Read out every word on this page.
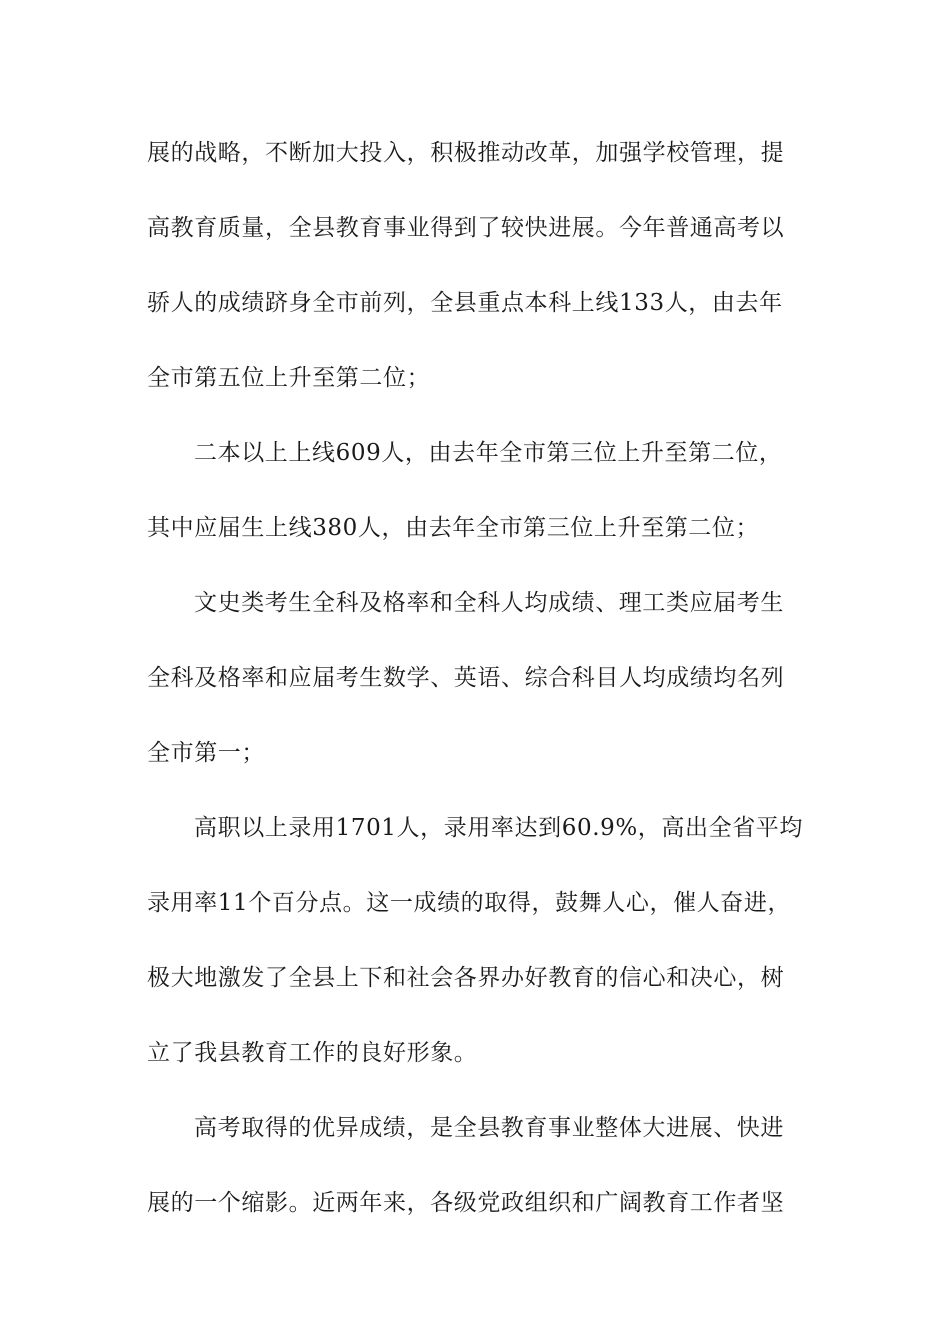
展的战略，不断加大投入，积极推动改革，加强学校管理，提
高教育质量，全县教育事业得到了较快进展。今年普通高考以
骄人的成绩跻身全市前列，全县重点本科上线133人，由去年
全市第五位上升至第二位；
二本以上上线609人，由去年全市第三位上升至第二位，
其中应届生上线380人，由去年全市第三位上升至第二位；
文史类考生全科及格率和全科人均成绩、理工类应届考生
全科及格率和应届考生数学、英语、综合科目人均成绩均名列
全市第一；
高职以上录用1701人，录用率达到60.9%，高出全省平均
录用率11个百分点。这一成绩的取得，鼓舞人心，催人奋进，
极大地激发了全县上下和社会各界办好教育的信心和决心，树
立了我县教育工作的良好形象。
高考取得的优异成绩，是全县教育事业整体大进展、快进
展的一个缩影。近两年来，各级党政组织和广阔教育工作者坚
